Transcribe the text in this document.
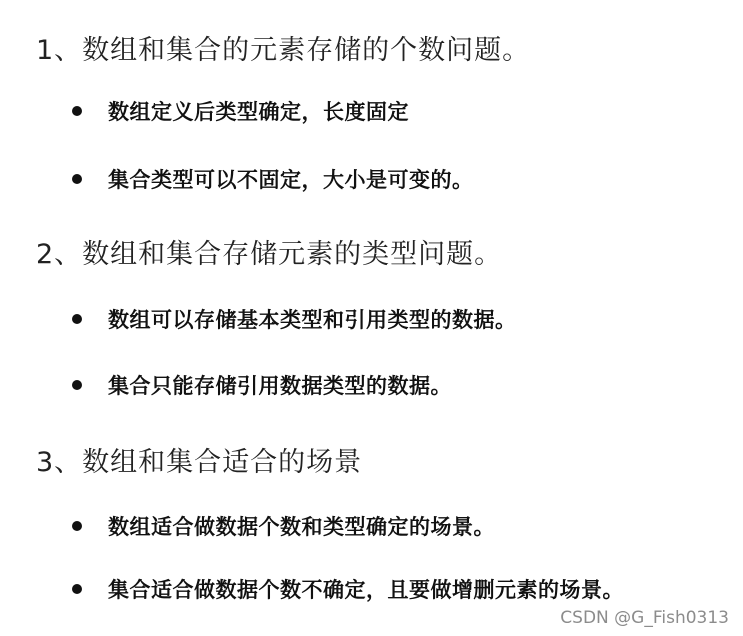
1、数组和集合的元素存储的个数问题。
数组定义后类型确定，长度固定
集合类型可以不固定，大小是可变的。
2、数组和集合存储元素的类型问题。
数组可以存储基本类型和引用类型的数据。
集合只能存储引用数据类型的数据。
3、数组和集合适合的场景
数组适合做数据个数和类型确定的场景。
集合适合做数据个数不确定，且要做增删元素的场景。
CSDN @G_Fish0313
